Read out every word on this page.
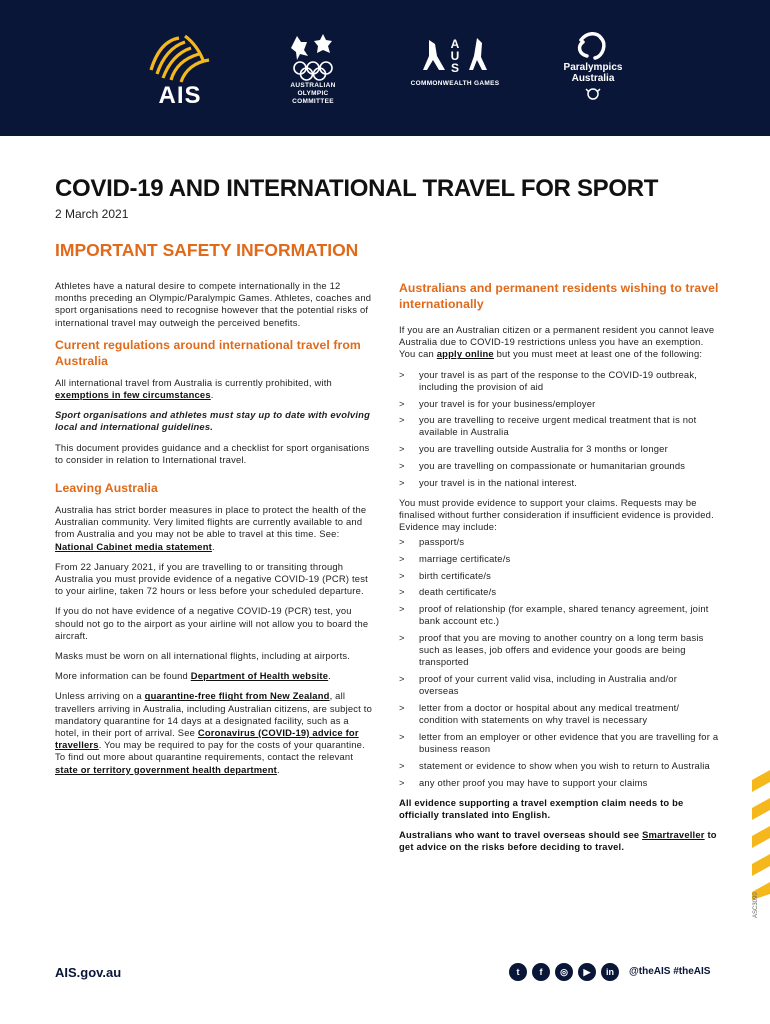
AIS	AUSTRALIAN
OLYMPIC
COMMITTEE
A
U
S
COMMONWEALTH GAMES
Paralympics
Australia
COVID-19 AND INTERNATIONAL TRAVEL FOR SPORT
2 March 2021
IMPORTANT SAFETY INFORMATION

Athletes have a natural desire to compete internationally in the 12 months preceding an Olympic/Paralympic Games. Athletes, coaches and sport organisations need to recognise however that the potential risks of international travel may outweigh the perceived benefits.

Current regulations around international travel from Australia

All international travel from Australia is currently prohibited, with exemptions in few circumstances.

Sport organisations and athletes must stay up to date with evolving local and international guidelines.

This document provides guidance and a checklist for sport organisations to consider in relation to International travel.

Leaving Australia

Australia has strict border measures in place to protect the health of the Australian community. Very limited flights are currently available to and from Australia and you may not be able to travel at this time. See: National Cabinet media statement.

From 22 January 2021, if you are travelling to or transiting through Australia you must provide evidence of a negative COVID-19 (PCR) test to your airline, taken 72 hours or less before your scheduled departure.

If you do not have evidence of a negative COVID-19 (PCR) test, you should not go to the airport as your airline will not allow you to board the aircraft.

Masks must be worn on all international flights, including at airports.

More information can be found Department of Health website.

Unless arriving on a quarantine-free flight from New Zealand, all travellers arriving in Australia, including Australian citizens, are subject to mandatory quarantine for 14 days at a designated facility, such as a hotel, in their port of arrival. See Coronavirus (COVID-19) advice for travellers. You may be required to pay for the costs of your quarantine. To find out more about quarantine requirements, contact the relevant state or territory government health department.

Australians and permanent residents wishing to travel internationally

If you are an Australian citizen or a permanent resident you cannot leave Australia due to COVID-19 restrictions unless you have an exemption. You can apply online but you must meet at least one of the following:

> your travel is as part of the response to the COVID-19 outbreak, including the provision of aid
> your travel is for your business/employer
> you are travelling to receive urgent medical treatment that is not available in Australia
> you are travelling outside Australia for 3 months or longer
> you are travelling on compassionate or humanitarian grounds
> your travel is in the national interest.

You must provide evidence to support your claims. Requests may be finalised without further consideration if insufficient evidence is provided. Evidence may include:

> passport/s
> marriage certificate/s
> birth certificate/s
> death certificate/s
> proof of relationship (for example, shared tenancy agreement, joint bank account etc.)
> proof that you are moving to another country on a long term basis such as leases, job offers and evidence your goods are being transported
> proof of your current valid visa, including in Australia and/or overseas
> letter from a doctor or hospital about any medical treatment/ condition with statements on why travel is necessary
> letter from an employer or other evidence that you are travelling for a business reason
> statement or evidence to show when you wish to return to Australia
> any other proof you may have to support your claims

All evidence supporting a travel exemption claim needs to be officially translated into English.

Australians who want to travel overseas should see Smartraveller to get advice on the risks before deciding to travel.

ASC3090
AIS.gov.au	t	f	◎	▶	in	@theAIS #theAIS
